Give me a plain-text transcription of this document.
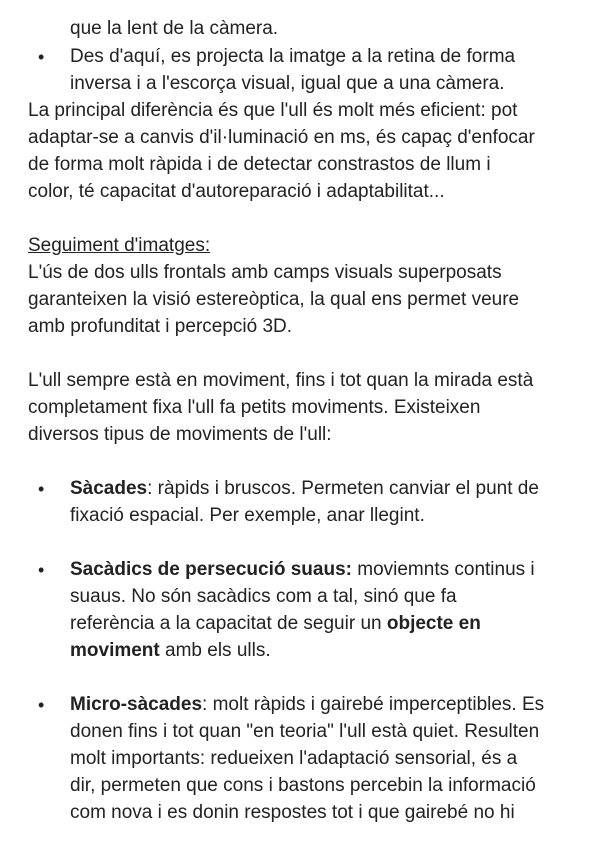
que la lent de la càmera.
• Des d'aquí, es projecta la imatge a la retina de forma
inversa i a l'escorça visual, igual que a una càmera.
La principal diferència és que l'ull és molt més eficient: pot
adaptar-se a canvis d'il·luminació en ms, és capaç d'enfocar
de forma molt ràpida i de detectar constrastos de llum i
color, té capacitat d'autoreparació i adaptabilitat...
Seguiment d'imatges:
L'ús de dos ulls frontals amb camps visuals superposats
garanteixen la visió estereòptica, la qual ens permet veure
amb profunditat i percepció 3D.
L'ull sempre està en moviment, fins i tot quan la mirada està
completament fixa l'ull fa petits moviments. Existeixen
diversos tipus de moviments de l'ull:
• Sàcades: ràpids i bruscos. Permeten canviar el punt de
fixació espacial. Per exemple, anar llegint.
• Sacàdics de persecució suaus: moviemnts continus i
suaus. No són sacàdics com a tal, sinó que fa
referència a la capacitat de seguir un objecte en
moviment amb els ulls.
• Micro-sàcades: molt ràpids i gairebé imperceptibles. Es
donen fins i tot quan "en teoria" l'ull està quiet. Resulten
molt importants: redueixen l'adaptació sensorial, és a
dir, permeten que cons i bastons percebin la informació
com nova i es donin respostes tot i que gairebé no hi
